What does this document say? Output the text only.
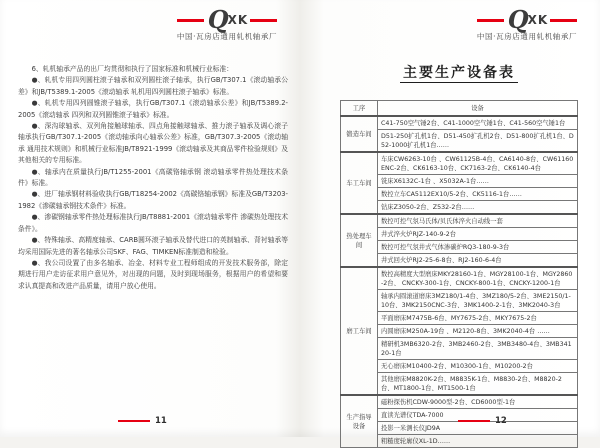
Q XK
中国·瓦房店通用轧机轴承厂

6、轧机轴承产品的出厂均贯彻和执行了国家标准和机械行业标准：

●、轧机专用四列圆柱滚子轴承和双列圆柱滚子轴承，执行GB/T307.1《滚动轴承公差》和JB/T5389.1-2005《滚动轴承 轧机用四列圆柱滚子轴承》标准。

●、轧机专用四列圆锥滚子轴承，执行GB/T307.1《滚动轴承公差》和JB/T5389.2-2005《滚动轴承 四列和双列圆锥滚子轴承》标准。

●、深沟球轴承、双列角接触球轴承、四点角接触球轴承、推力滚子轴承及调心滚子轴承执行GB/T307.1-2005《滚动轴承向心轴承公差》标准，GB/T307.3-2005《滚动轴承 通用技术规则》和机械行业标准JB/T8921-1999《滚动轴承及其商品零件检验规则》及其他相关的专用标准。

●、轴承内在质量执行JB/T1255-2001《高碳铬轴承钢 滚动轴承零件热处理技术条件》标准。

●、进厂轴承钢材料验收执行GB/T18254-2002《高碳铬轴承钢》标准及GB/T3203-1982《渗碳轴承钢技术条件》标准。

●、渗碳钢轴承零件热处理标准执行JB/T8881-2001《滚动轴承零件 渗碳热处理技术条件》。

●、特殊轴承、高精度轴承、CARB圆环滚子轴承及替代进口的英制轴承、背衬轴承等均采用国际先进的著名轴承公司SKF、FAG、TIMKEN标准制造和检验。

●、我公司设置了由多名轴承、冶金、材料专业工程师组成的开发技术服务部，除定期进行用户走访征求用户意见外，对出现的问题，及时到现场服务，根据用户的希望和要求认真提高和改进产品质量，请用户放心使用。

11
Q XK
中国·瓦房店通用轧机轴承厂
主要生产设备表
工序	设备
锻造车间	C41-750空气锤2台、C41-1000空气锤1台、C41-560空气锤1台
	D51-250扩孔机1台、D51-450扩孔机2台、D51-800扩孔机1台、D52-1000扩孔机1台……
车工车间	车床CW6263-10台 、CW61125B-4台、CA6140-8台、CW61160ENC-2台、CK6163-10台、CK7163-2台、CK6140-4台
	铣床X6132C-1台 、X5032A-1台……
	数控立车CA5112EX10/5-2台、CK5116-1台……
	钻床Z3050-2台、Z532-2台……
热处理车间	数控可控气氛马氏体/贝氏体淬火自动线一套
	井式淬火炉RJZ-140-9-2台
	数控可控气氛井式气体渗碳炉RQ3-180-9-3台
	井式回火炉RJ2-25-6-8台、RJ2-160-6-4台
磨工车间	数控高精度大型磨床MKY28160-1台、MGY28100-1台、MGY2860-2台、 CNCKY-300-1台、CNCKY-800-1台、CNCKY-1200-1台
	轴承内圆滚道磨床3MZ180/1-4台、3MZ180/5-2台、3ME2150/1-10台、3MK2150CNC-3台、3MK1400-2-1台、3MK2040-3台
	平面磨床M7475B-6台、MY7675-2台、MKY7675-2台
	内圆磨床M250A-19台 、M2120-8台、3MK2040-4台 ……
	精研机3MB6320-2台、3MB2460-2台、3MB3480-4台、3MB34120-1台
	无心磨床M10400-2台、M10300-1台、M10200-2台
	其他磨床M8820K-2台、M8835K-1台、M8830-2台、M8820-2台、MT1800-1台、MT1500-1台
生产指导设备	磁粉探伤机CDW-9000型-2台、CD6000型-1台
	直读光谱仪TDA-7000
	投影一米测长仪JD9A
	粗糙度轮廓仪XL-1D……
12
